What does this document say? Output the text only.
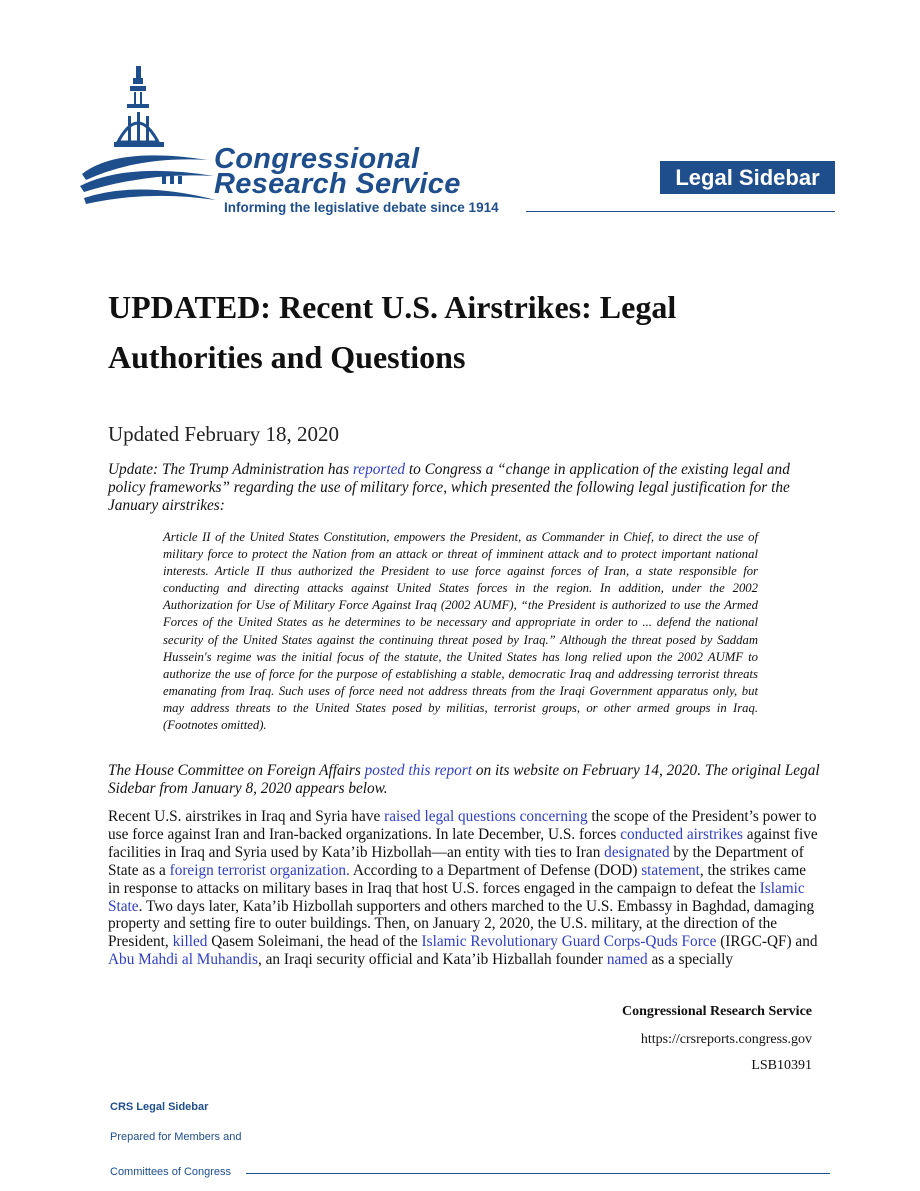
Congressional
Research Service
Informing the legislative debate since 1914
Legal Sidebar
UPDATED: Recent U.S. Airstrikes: Legal Authorities and Questions
Updated February 18, 2020

Update: The Trump Administration has reported to Congress a “change in application of the existing legal and policy frameworks” regarding the use of military force, which presented the following legal justification for the January airstrikes:

Article II of the United States Constitution, empowers the President, as Commander in Chief, to direct the use of military force to protect the Nation from an attack or threat of imminent attack and to protect important national interests. Article II thus authorized the President to use force against forces of Iran, a state responsible for conducting and directing attacks against United States forces in the region. In addition, under the 2002 Authorization for Use of Military Force Against Iraq (2002 AUMF), “the President is authorized to use the Armed Forces of the United States as he determines to be necessary and appropriate in order to ... defend the national security of the United States against the continuing threat posed by Iraq.” Although the threat posed by Saddam Hussein's regime was the initial focus of the statute, the United States has long relied upon the 2002 AUMF to authorize the use of force for the purpose of establishing a stable, democratic Iraq and addressing terrorist threats emanating from Iraq. Such uses of force need not address threats from the Iraqi Government apparatus only, but may address threats to the United States posed by militias, terrorist groups, or other armed groups in Iraq. (Footnotes omitted).

The House Committee on Foreign Affairs posted this report on its website on February 14, 2020. The original Legal Sidebar from January 8, 2020 appears below.

Recent U.S. airstrikes in Iraq and Syria have raised legal questions concerning the scope of the President’s power to use force against Iran and Iran-backed organizations. In late December, U.S. forces conducted airstrikes against five facilities in Iraq and Syria used by Kata’ib Hizbollah—an entity with ties to Iran designated by the Department of State as a foreign terrorist organization. According to a Department of Defense (DOD) statement, the strikes came in response to attacks on military bases in Iraq that host U.S. forces engaged in the campaign to defeat the Islamic State. Two days later, Kata’ib Hizbollah supporters and others marched to the U.S. Embassy in Baghdad, damaging property and setting fire to outer buildings. Then, on January 2, 2020, the U.S. military, at the direction of the President, killed Qasem Soleimani, the head of the Islamic Revolutionary Guard Corps-Quds Force (IRGC-QF) and Abu Mahdi al Muhandis, an Iraqi security official and Kata’ib Hizballah founder named as a specially

Congressional Research Service
https://crsreports.congress.gov
LSB10391
CRS Legal Sidebar
Prepared for Members and
Committees of Congress
